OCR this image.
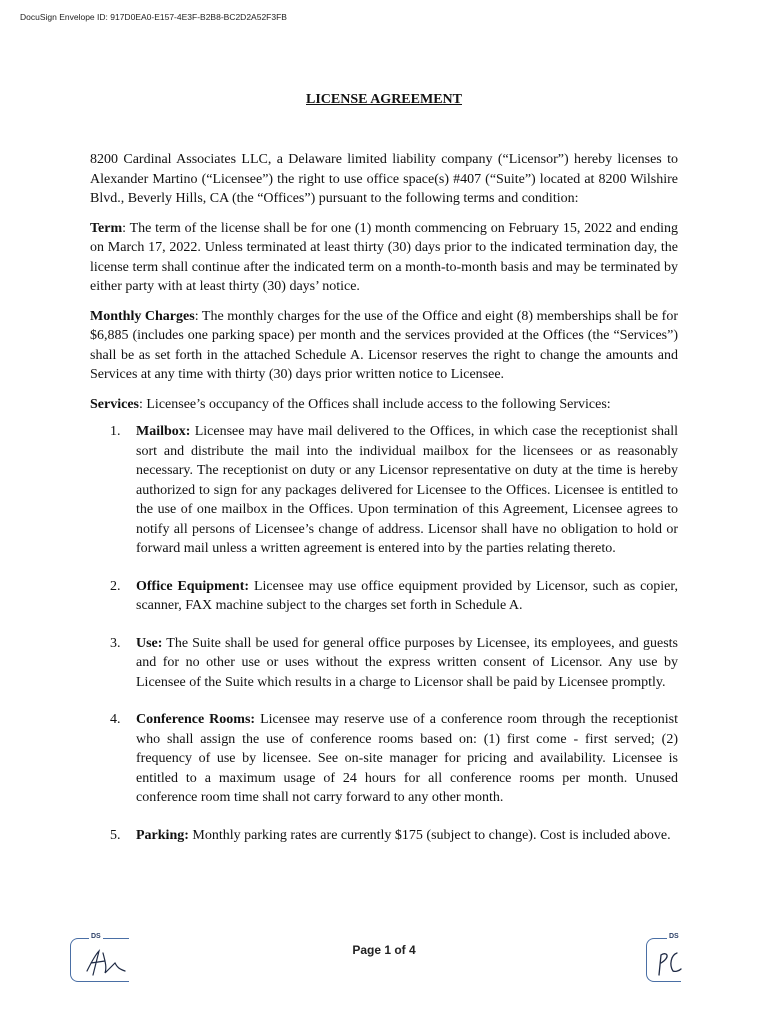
DocuSign Envelope ID: 917D0EA0-E157-4E3F-B2B8-BC2D2A52F3FB
LICENSE AGREEMENT

8200 Cardinal Associates LLC, a Delaware limited liability company (“Licensor”) hereby licenses to Alexander Martino (“Licensee”) the right to use office space(s) #407 (“Suite”) located at 8200 Wilshire Blvd., Beverly Hills, CA (the “Offices”) pursuant to the following terms and condition:

Term: The term of the license shall be for one (1) month commencing on February 15, 2022 and ending on March 17, 2022. Unless terminated at least thirty (30) days prior to the indicated termination day, the license term shall continue after the indicated term on a month-to-month basis and may be terminated by either party with at least thirty (30) days’ notice.

Monthly Charges: The monthly charges for the use of the Office and eight (8) memberships shall be for $6,885 (includes one parking space) per month and the services provided at the Offices (the “Services”) shall be as set forth in the attached Schedule A. Licensor reserves the right to change the amounts and Services at any time with thirty (30) days prior written notice to Licensee.

Services: Licensee’s occupancy of the Offices shall include access to the following Services:

1. Mailbox: Licensee may have mail delivered to the Offices, in which case the receptionist shall sort and distribute the mail into the individual mailbox for the licensees or as reasonably necessary. The receptionist on duty or any Licensor representative on duty at the time is hereby authorized to sign for any packages delivered for Licensee to the Offices. Licensee is entitled to the use of one mailbox in the Offices. Upon termination of this Agreement, Licensee agrees to notify all persons of Licensee’s change of address. Licensor shall have no obligation to hold or forward mail unless a written agreement is entered into by the parties relating thereto.
2. Office Equipment: Licensee may use office equipment provided by Licensor, such as copier, scanner, FAX machine subject to the charges set forth in Schedule A.
3. Use: The Suite shall be used for general office purposes by Licensee, its employees, and guests and for no other use or uses without the express written consent of Licensor. Any use by Licensee of the Suite which results in a charge to Licensor shall be paid by Licensee promptly.
4. Conference Rooms: Licensee may reserve use of a conference room through the receptionist who shall assign the use of conference rooms based on: (1) first come - first served; (2) frequency of use by licensee. See on-site manager for pricing and availability. Licensee is entitled to a maximum usage of 24 hours for all conference rooms per month. Unused conference room time shall not carry forward to any other month.
5. Parking: Monthly parking rates are currently $175 (subject to change). Cost is included above.
DS
Page 1 of 4
DS
